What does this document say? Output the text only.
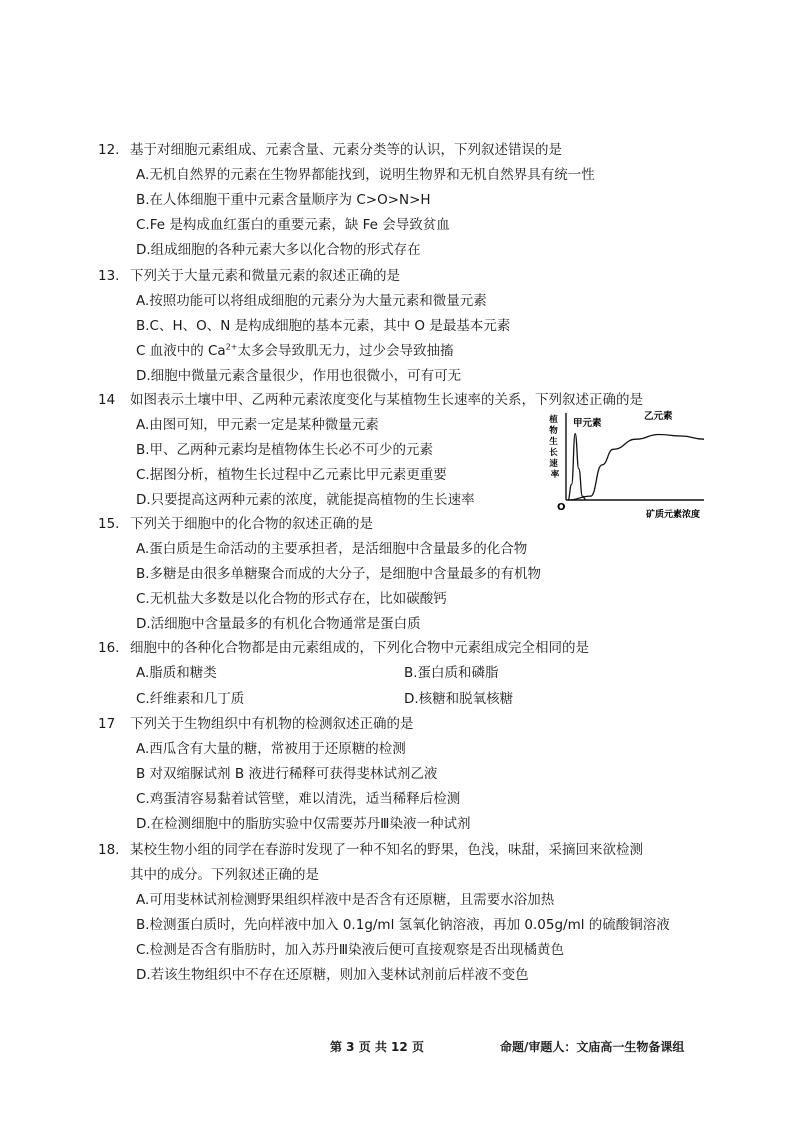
12. 基于对细胞元素组成、元素含量、元素分类等的认识，下列叙述错误的是
A.无机自然界的元素在生物界都能找到，说明生物界和无机自然界具有统一性
B.在人体细胞干重中元素含量顺序为 C>O>N>H
C.Fe 是构成血红蛋白的重要元素，缺 Fe 会导致贫血
D.组成细胞的各种元素大多以化合物的形式存在
13. 下列关于大量元素和微量元素的叙述正确的是
A.按照功能可以将组成细胞的元素分为大量元素和微量元素
B.C、H、O、N 是构成细胞的基本元素，其中 O 是最基本元素
C 血液中的 $Ca^{2+}$太多会导致肌无力，过少会导致抽搐
D.细胞中微量元素含量很少，作用也很微小，可有可无
14 如图表示土壤中甲、乙两种元素浓度变化与某植物生长速率的关系，下列叙述正确的是
A.由图可知，甲元素一定是某种微量元素
B.甲、乙两种元素均是植物体生长必不可少的元素
C.据图分析，植物生长过程中乙元素比甲元素更重要
D.只要提高这两种元素的浓度，就能提高植物的生长速率	O
植 物 生 长 速 率
甲元素
乙元素
矿质元素浓度
15. 下列关于细胞中的化合物的叙述正确的是
A.蛋白质是生命活动的主要承担者，是活细胞中含量最多的化合物
B.多糖是由很多单糖聚合而成的大分子，是细胞中含量最多的有机物
C.无机盐大多数是以化合物的形式存在，比如碳酸钙
D.活细胞中含量最多的有机化合物通常是蛋白质
16. 细胞中的各种化合物都是由元素组成的，下列化合物中元素组成完全相同的是
A.脂质和糖类	B.蛋白质和磷脂
C.纤维素和几丁质	D.核糖和脱氧核糖
17 下列关于生物组织中有机物的检测叙述正确的是
A.西瓜含有大量的糖，常被用于还原糖的检测
B 对双缩脲试剂 B 液进行稀释可获得斐林试剂乙液
C.鸡蛋清容易黏着试管壁，难以清洗，适当稀释后检测
D.在检测细胞中的脂肪实验中仅需要苏丹Ⅲ染液一种试剂
18. 某校生物小组的同学在春游时发现了一种不知名的野果，色浅，味甜，采摘回来欲检测
其中的成分。下列叙述正确的是
A.可用斐林试剂检测野果组织样液中是否含有还原糖，且需要水浴加热
B.检测蛋白质时，先向样液中加入 0.1g/ml 氢氧化钠溶液，再加 0.05g/ml 的硫酸铜溶液
C.检测是否含有脂肪时，加入苏丹Ⅲ染液后便可直接观察是否出现橘黄色
D.若该生物组织中不存在还原糖，则加入斐林试剂前后样液不变色
第 3 页 共 12 页	命题/审题人：文庙高一生物备课组
